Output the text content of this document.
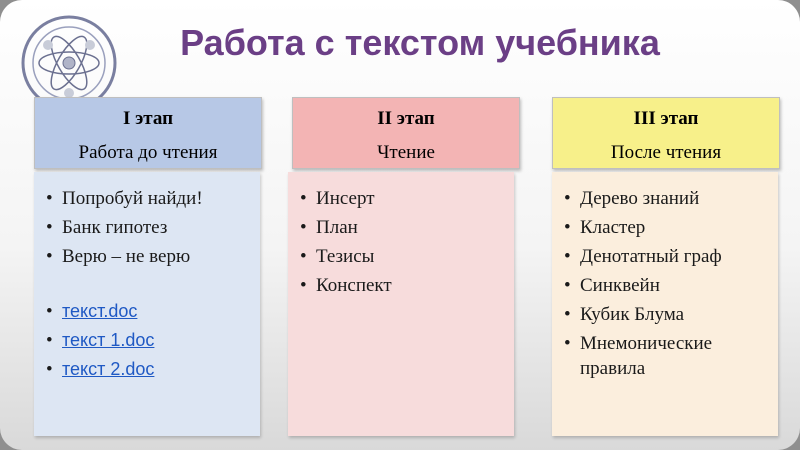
Работа с текстом учебника
I этап
Работа до чтения
• Попробуй найди!
• Банк гипотез
• Верю – не верю
• текст.doc
• текст 1.doc
• текст 2.doc
II этап
Чтение
• Инсерт
• План
• Тезисы
• Конспект
III этап
После чтения
• Дерево знаний
• Кластер
• Денотатный граф
• Синквейн
• Кубик Блума
• Мнемонические правила
